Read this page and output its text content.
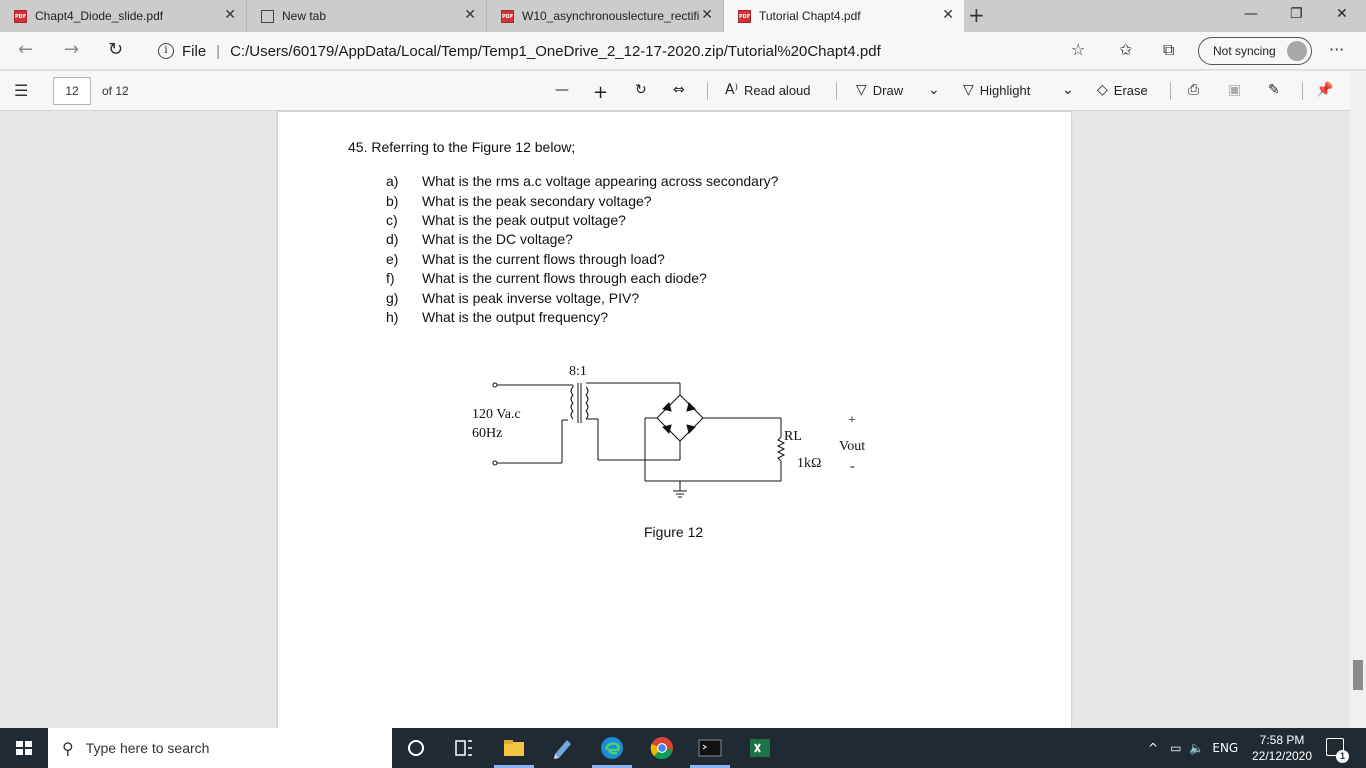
PDF
Chapt4_Diode_slide.pdf	✕	New tab	✕ PDF	W10_asynchronouslecture_rectifi ✕ PDF	Tutorial Chapt4.pdf	✕ +	— ❐ ✕
← → ↻	i File | C:/Users/60179/AppData/Local/Temp/Temp1_OneDrive_2_12-17-2020.zip/Tutorial%20Chapt4.pdf	☆ ✩ ⧉	Not syncing	···
☰	12	of 12	— + ↻ ⇔	A⁾ Read aloud	▽ Draw ⌄ ▽ Highlight ⌄ ◇ Erase	⎙ ▣ ✎	📌
45. Referring to the Figure 12 below;
a)	What is the rms a.c voltage appearing across secondary?
b)	What is the peak secondary voltage?
c)	What is the peak output voltage?
d)	What is the DC voltage?
e)	What is the current flows through load?
f)	What is the current flows through each diode?
g)	What is peak inverse voltage, PIV?
h)	What is the output frequency?
8:1
120 Va.c
60Hz	RL
1kΩ
+
Vout
-
Figure 12
⚲ Type here to search	^ ▭ 🔈 ENG
7:58 PM
22/12/2020	1
